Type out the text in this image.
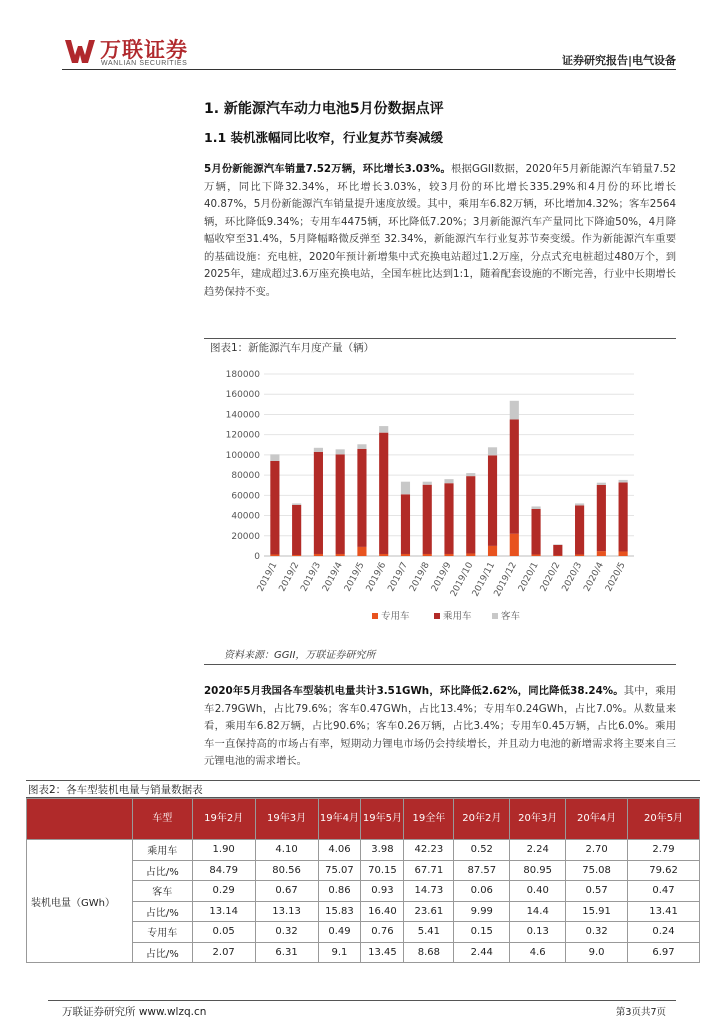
万联证券
WANLIAN SECURITIES	证券研究报告|电气设备
1. 新能源汽车动力电池5月份数据点评
1.1 装机涨幅同比收窄，行业复苏节奏减缓
5月份新能源汽车销量7.52万辆，环比增长3.03%。根据GGII数据，2020年5月新能源汽车销量7.52万辆，同比下降32.34%，环比增长3.03%，较3月份的环比增长335.29%和4月份的环比增长40.87%，5月份新能源汽车销量提升速度放缓。其中，乘用车6.82万辆，环比增加4.32%；客车2564辆，环比降低9.34%；专用车4475辆，环比降低7.20%；3月新能源汽车产量同比下降逾50%，4月降幅收窄至31.4%，5月降幅略微反弹至 32.34%，新能源汽车行业复苏节奏变缓。作为新能源汽车重要的基础设施：充电桩，2020年预计新增集中式充换电站超过1.2万座，分点式充电桩超过480万个，到2025年，建成超过3.6万座充换电站，全国车桩比达到1:1，随着配套设施的不断完善，行业中长期增长趋势保持不变。
图表1：新能源汽车月度产量（辆）
0
20000
40000
60000
80000
100000
120000
140000
160000
180000
2019/1
2019/2
2019/3
2019/4
2019/5
2019/6
2019/7
2019/8
2019/9
2019/10
2019/11
2019/12
2020/1
2020/2
2020/3
2020/4
2020/5
专用车	乘用车	客车
资料来源：GGII，万联证券研究所
2020年5月我国各车型装机电量共计3.51GWh，环比降低2.62%，同比降低38.24%。其中，乘用车2.79GWh，占比79.6%；客车0.47GWh，占比13.4%；专用车0.24GWh，占比7.0%。从数量来看，乘用车6.82万辆，占比90.6%；客车0.26万辆，占比3.4%；专用车0.45万辆，占比6.0%。乘用车一直保持高的市场占有率，短期动力锂电市场仍会持续增长，并且动力电池的新增需求将主要来自三元锂电池的需求增长。
图表2：各车型装机电量与销量数据表
	车型	19年2月	19年3月	19年4月	19年5月	19全年	20年2月	20年3月	20年4月	20年5月
装机电量（GWh）	乘用车	1.90	4.10	4.06	3.98	42.23	0.52	2.24	2.70	2.79
	占比/%	84.79	80.56	75.07	70.15	67.71	87.57	80.95	75.08	79.62
	客车	0.29	0.67	0.86	0.93	14.73	0.06	0.40	0.57	0.47
	占比/%	13.14	13.13	15.83	16.40	23.61	9.99	14.4	15.91	13.41
	专用车	0.05	0.32	0.49	0.76	5.41	0.15	0.13	0.32	0.24
	占比/%	2.07	6.31	9.1	13.45	8.68	2.44	4.6	9.0	6.97
万联证券研究所 www.wlzq.cn	第3页共7页
